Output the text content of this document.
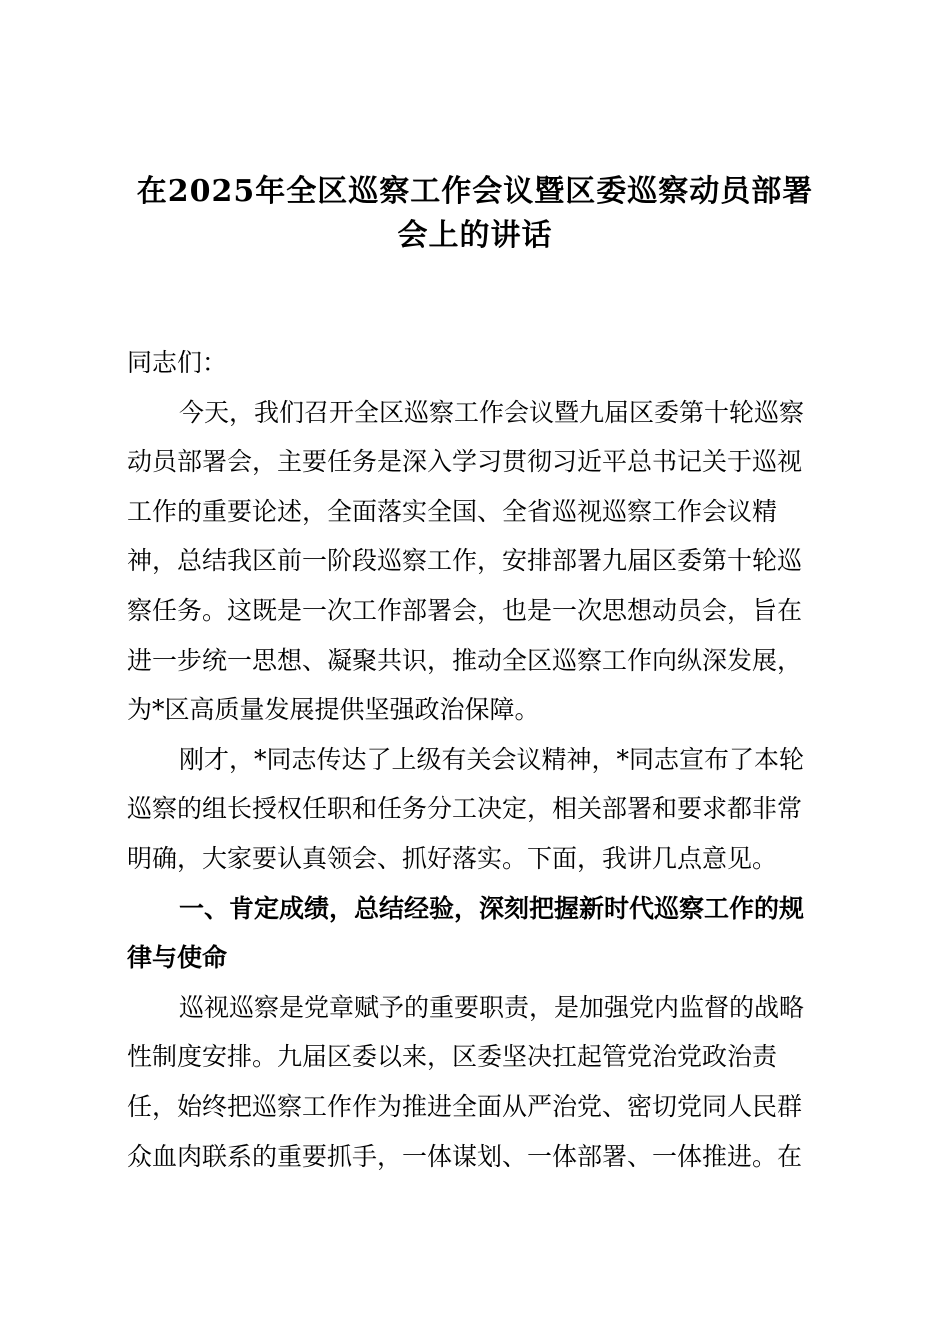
在2025年全区巡察工作会议暨区委巡察动员部署
会上的讲话

同志们：

今天，我们召开全区巡察工作会议暨九届区委第十轮巡察
动员部署会，主要任务是深入学习贯彻习近平总书记关于巡视
工作的重要论述，全面落实全国、全省巡视巡察工作会议精
神，总结我区前一阶段巡察工作，安排部署九届区委第十轮巡
察任务。这既是一次工作部署会，也是一次思想动员会，旨在
进一步统一思想、凝聚共识，推动全区巡察工作向纵深发展，
为*区高质量发展提供坚强政治保障。

刚才，*同志传达了上级有关会议精神，*同志宣布了本轮
巡察的组长授权任职和任务分工决定，相关部署和要求都非常
明确，大家要认真领会、抓好落实。下面，我讲几点意见。

一、肯定成绩，总结经验，深刻把握新时代巡察工作的规
律与使命

巡视巡察是党章赋予的重要职责，是加强党内监督的战略
性制度安排。九届区委以来，区委坚决扛起管党治党政治责
任，始终把巡察工作作为推进全面从严治党、密切党同人民群
众血肉联系的重要抓手，一体谋划、一体部署、一体推进。在
